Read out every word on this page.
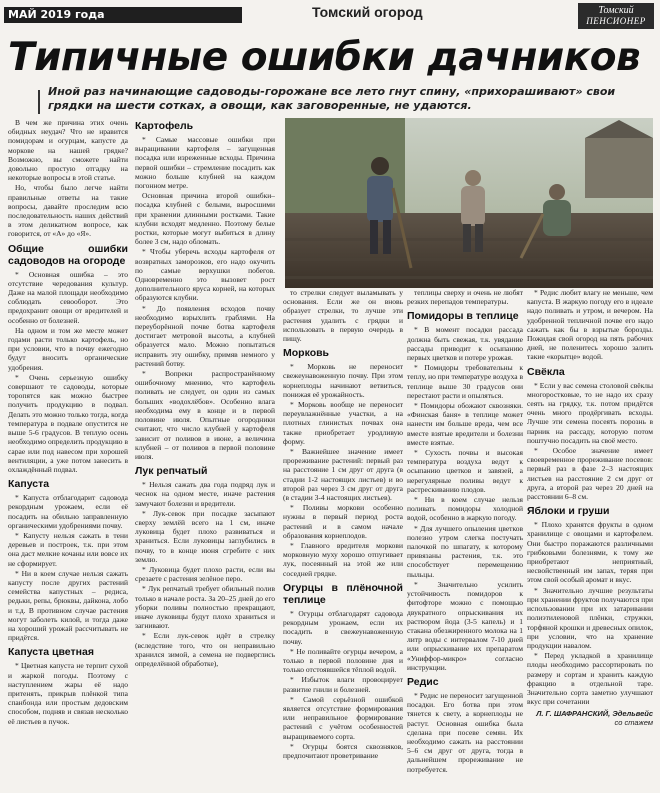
МАЙ 2019 года	Томский огород	Томский
ПЕНСИОНЕР
Типичные ошибки дачников
Иной раз начинающие садоводы-горожане все лето гнут спину, «прихорашивают» свои грядки на шести сотках, а овощи, как заговоренные, не удаются.

В чем же причина этих очень обидных неудач? Что не нравится помидорам и огурцам, капусте да моркове на нашей грядке? Возможно, вы сможете найти довольно простую отгадку на некоторые вопросы в этой статье.

Но, чтобы было легче найти правильные ответы на такие вопросы, давайте проследим всю последовательность наших действий в этом деликатном вопросе, как говорится, от «А» до «Я».

Общие ошибки садоводов на огороде

* Основная ошибка – это отсутствие чередования культур. Даже на малой площади необходимо соблюдать севооборот. Это предохранит овощи от вредителей и особенно от болезней.

На одном и том же месте может годами расти только картофель, но при условии, что в почву ежегодно будут вносить органические удобрения.

* Очень серьезную ошибку совершают те садоводы, которые торопятся как можно быстрее получить продукцию в подвал. Делать это можно только тогда, когда температура в подвале опустится не выше 5-6 градусов. В теплую осень необходимо определить продукцию в сарае или под навесом при хорошей вентиляции, а уже потом занесить в охлаждённый подвал.

Капуста

* Капуста отблагодарит садовода рекордным урожаем, если её посадить на обильно заправленную органическими удобрениями почву.

* Капусту нельзя сажать в тени деревьев и построек, т.к. при этом она даст мелкие кочаны или вовсе их не сформирует.

* Ни в коем случае нельзя сажать капусту после других растений семейства капустных – редиса, редьки, репы, брюквы, дайкона, лобо и т.д. В противном случае растения могут заболеть килой, и тогда даже на хороший урожай рассчитывать не придётся.

Капуста цветная

* Цветная капуста не терпит сухой и жаркой погоды. Поэтому с наступлением жары её надо притенять, прикрыв плёнкой типа спанбонда или простым дедовским способом, подняв и связав несколько её листьев в пучок.

Картофель

* Самые массовые ошибки при выращивании картофеля – загущенная посадка или изреженные всходы. Причина первой ошибки – стремление посадить как можно больше клубней на каждом погонном метре.

Основная причина второй ошибки– посадка клубней с белыми, выросшими при хранении длинными ростками. Такие клубни всходят медленно. Поэтому белые ростки, которые могут выбиться в длину более 3 см, надо обломать.

* Чтобы уберечь всходы картофеля от возвратных заморозков, его надо окучить по самые верхушки побегов. Одновременно это вызовет рост дополнительного яруса корней, на которых образуются клубни.

* До появления всходов почву необходимо взрыхлить граблями. На переуборённой почве ботва картофеля достигает метровой высоты, а клубней образуется мало. Можно попытаться исправить эту ошибку, примяв немного у растений ботву.

* Вопреки распространённому ошибочному мнению, что картофель поливать не следует, он один из самых больших «водохлёбов». Особенно влага необходима ему в конце и в первой половине июля. Опытные огородники считают, что число клубней у картофеля зависит от поливов в июне, а величина клубней – от поливов в первой половине июля.

Лук репчатый

* Нельзя сажать два года подряд лук и чеснок на одном месте, иначе растения замучают болезни и вредители.

* Лук-севок при посадке засыпают сверху землёй всего на 1 см, иначе луковица будет плохо развиваться и храниться. Если луковицы заглубились в почву, то в конце июня сгребите с них землю.

* Луковица будет плохо расти, если вы срезаете с растения зелёное перо.

* Лук репчатый требует обильный полив только в начале роста. За 20–25 дней до его уборки поливы полностью прекращают, иначе луковицы будут плохо храниться и загнивают.

* Если лук-севок идёт в стрелку (вследствие того, что он неправильно хранился зимой, а семена не подверглись определённой обработке),

то стрелки следует выламывать у основания. Если же он вновь образует стрелки, то лучше эти растения удалить с грядки и использовать в первую очередь в пищу.

Морковь

* Морковь не переносит свежеунавоженную почву. При этом корнеплоды начинают ветвиться, понижая её урожайность.

* Морковь вообще не переносит переувлажнённые участки, а на плотных глинистых почвах она также приобретает уродливую форму.

* Важнейшее значение имеет прореживание растений: первый раз на расстояние 1 см друг от друга (в стадии 1-2 настоящих листьев) и во второй раз через 3 см друг от друга (в стадии 3-4 настоящих листьев).

* Поливы моркови особенно нужны в первый период роста растений и в самом начале образования корнеплодов.

* Главного вредителя моркови морковную муху хорошо отпугивает лук, посеянный на этой же или соседней грядке.

Огурцы в плёночной теплице

* Огурцы отблагодарят садовода рекордным урожаем, если их посадить в свежеунавоженную почву.

* Не поливайте огурцы вечером, а только в первой половине дня и только отстоявшейся тёплой водой.

* Избыток влаги провоцирует развитие гнили и болезней.

* Самой серьёзной ошибкой является отсутствие формирования или неправильное формирование растений с учётом особенностей выращиваемого сорта.

* Огурцы боятся сквозняков, предпочитают проветривание

теплицы сверху и очень не любят резких перепадов температуры.

Помидоры в теплице

* В момент посадки рассада должна быть свежая, т.к. увядание рассады приводит к осыпанию первых цветков и потере урожая.

* Помидоры требовательны к теплу, но при температуре воздуха в теплице выше 30 градусов они перестают расти и опыляться.

* Помидоры обожают сквозняки. «Финская баня» в теплице может нанести им больше вреда, чем все вместе взятые вредители и болезни вместе взятые.

* Сухость почвы и высокая температура воздуха ведут к осыпанию цветков и завязей, а нерегулярные поливы ведут к растрескиванию плодов.

* Ни в коем случае нельзя поливать помидоры холодной водой, особенно в жаркую погоду.

* Для лучшего опыления цветков полезно утром слегка постучать палочкой по шпагату, к которому привязаны растения, т.к. это способствует перемещению пыльцы.

* Значительно усилить устойчивость помидоров к фитофторе можно с помощью двукратного опрыскивания их раствором йода (3-5 капель) и 1 стакана обезжиренного молока на 1 литр воды с интервалом 7-10 дней или опрыскивание их препаратом «Униффор-микро» согласно инструкции.

Редис

* Редис не переносит загущенной посадки. Его ботва при этом тянется к свету, а корнеплоды не растут. Основная ошибка была сделана при посеве семян. Их необходимо сажать на расстоянии 5–6 см друг от друга, тогда в дальнейшем прореживание не потребуется.

* Редис любит влагу не меньше, чем капуста. В жаркую погоду его в идеале надо поливать и утром, и вечером. На удобренной тепличной почве его надо сажать как бы в взрытые борозды. Пожидая свой огород на пять рабочих дней, не поленитесь хорошо залить такие «корытце» водой.

Свёкла

* Если у вас семена столовой свёклы многоростковые, то не надо их сразу сеять на грядку, т.к. потом придётся очень много продёргивать всходы. Лучше эти семена посеять порознь в парник на рассаду, которую потом поштучно посадить на своё место.

* Особое значение имеет своевременное прореживание посевов: первый раз в фазе 2–3 настоящих листьев на расстояние 2 см друг от друга, а второй раз через 20 дней на расстоянии 6–8 см.

Яблоки и груши

* Плохо хранятся фрукты в одном хранилище с овощами и картофелем. Они быстро поражаются различными грибковыми болезнями, к тому же приобретают неприятный, несвойственный им запах, теряя при этом свой особый аромат и вкус.

* Значительно лучшие результаты при хранении фруктов получаются при использовании при их затаривании полиэтиленовой плёнки, стружки, торфяной крошки и древесных опилок, при условии, что на хранение продукции навалом.

* Перед укладкой в хранилище плоды необходимо рассортировать по размеру и сортам и хранить каждую фракцию в отдельной таре. Значительно сорта заметно улучшают вкус при сочетании

Л. Г. ШАФРАНСКИЙ, Эдельвейс
со стажем
